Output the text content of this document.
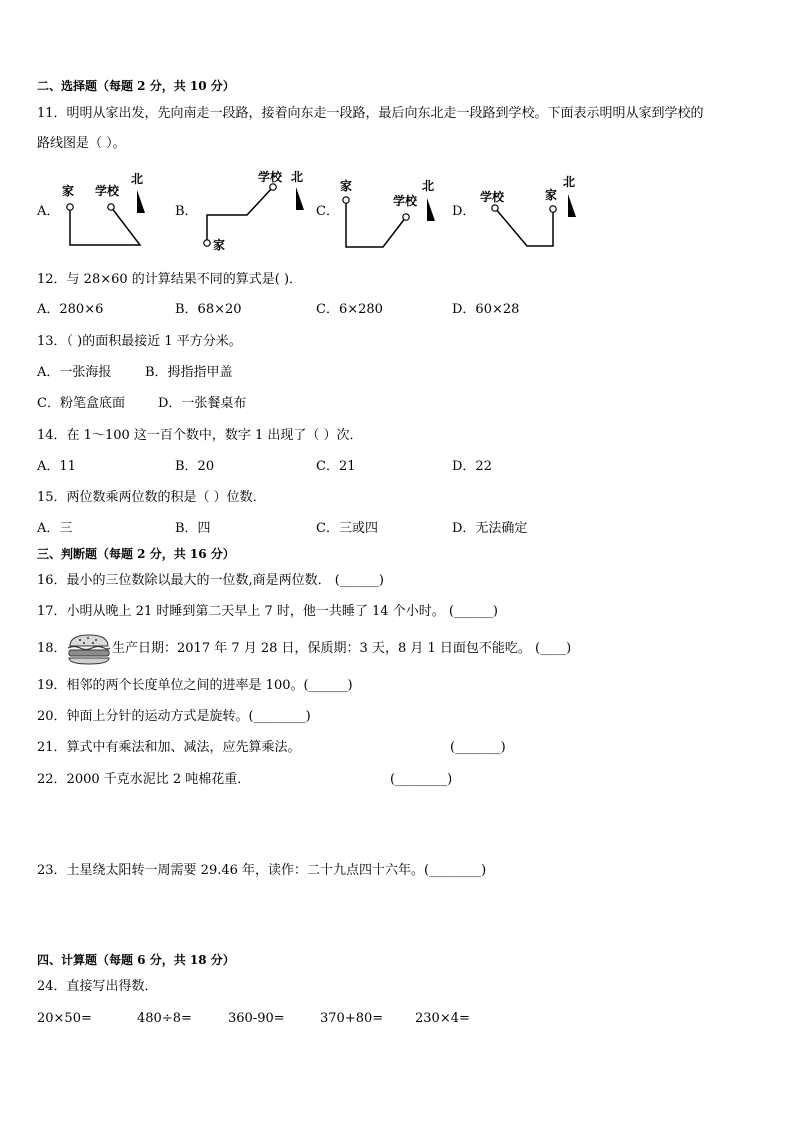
二、选择题（每题 2 分，共 10 分）
11．明明从家出发，先向南走一段路，接着向东走一段路，最后向东北走一段路到学校。下面表示明明从家到学校的
路线图是（ ）。
A．	B．	C．	D．
家 学校
北
家
学校 北
家
学校
北
学校	家
北
12．与 28×60 的计算结果不同的算式是( )．
A．280×6	B．68×20	C．6×280	D．60×28
13．（ )的面积最接近 1 平方分米。
A．一张海报	B．拇指指甲盖
C．粉笔盒底面	D．一张餐桌布
14．在 1～100 这一百个数中，数字 1 出现了（ ）次．
A．11	B．20	C．21	D．22
15．两位数乘两位数的积是（ ）位数．
A．三	B．四	C．三或四	D．无法确定
三、判断题（每题 2 分，共 16 分）
16．最小的三位数除以最大的一位数,商是两位数． (______)
17．小明从晚上 21 时睡到第二天早上 7 时，他一共睡了 14 个小时。 (______)
18．	生产日期：2017 年 7 月 28 日，保质期：3 天，8 月 1 日面包不能吃。 (____)
19．相邻的两个长度单位之间的进率是 100。(______)
20．钟面上分针的运动方式是旋转。(________)
21．算式中有乘法和加、减法，应先算乘法。	(_______)
22．2000 千克水泥比 2 吨棉花重．	(________)
23．土星绕太阳转一周需要 29.46 年，读作：二十九点四十六年。(________)
四、计算题（每题 6 分，共 18 分）
24．直接写出得数．
20×50=	480÷8=	360-90=	370+80= 230×4=
